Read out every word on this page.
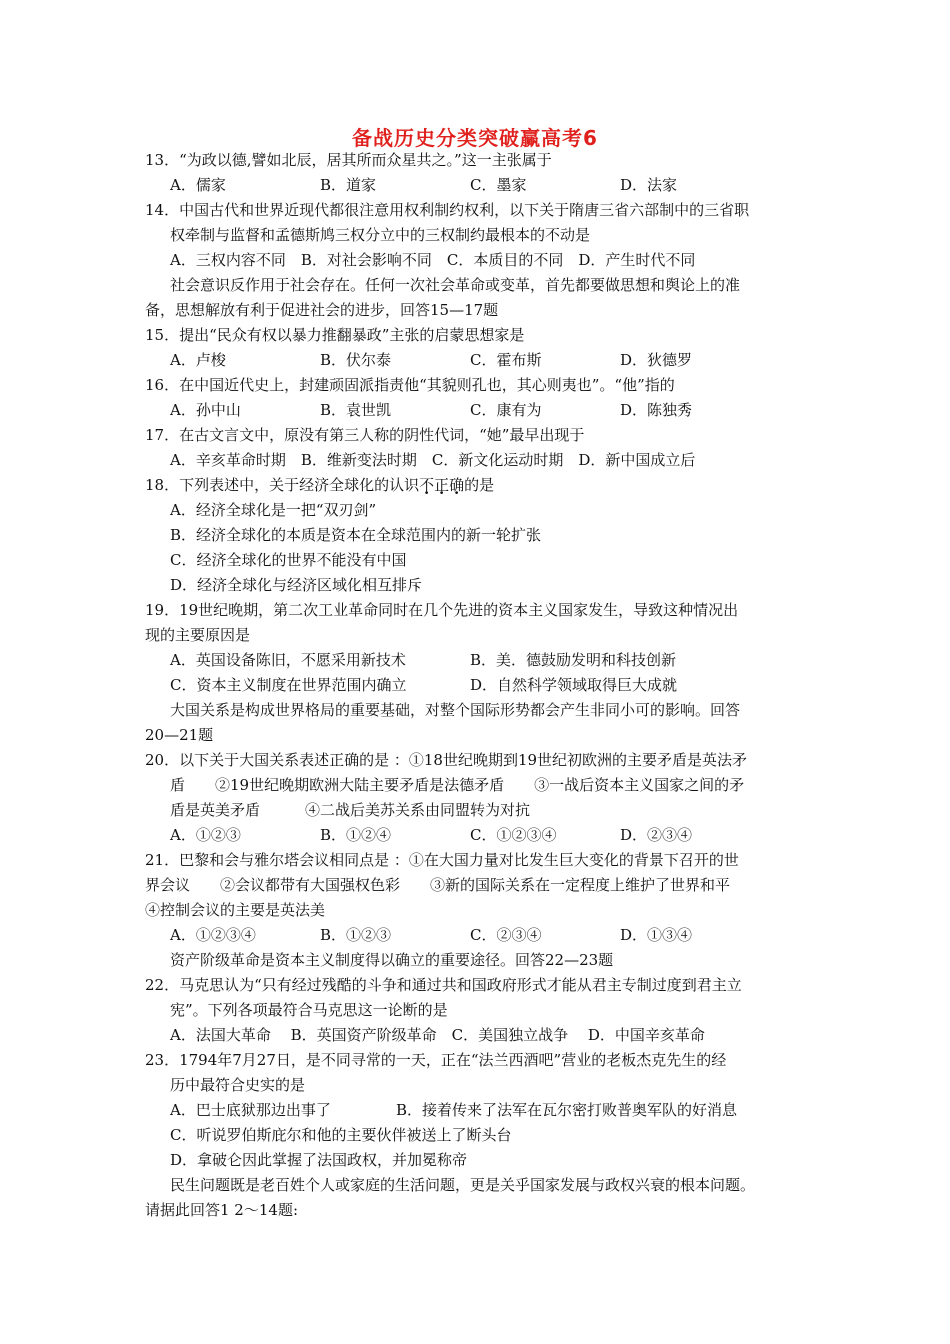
备战历史分类突破赢高考6
13．“为政以德,譬如北辰，居其所而众星共之。”这一主张属于
A．儒家	B．道家	C．墨家	D．法家
14．中国古代和世界近现代都很注意用权利制约权利，以下关于隋唐三省六部制中的三省职
权牵制与监督和孟德斯鸠三权分立中的三权制约最根本的不动是
A．三权内容不同　B．对社会影响不同　C．本质目的不同　D．产生时代不同
社会意识反作用于社会存在。任何一次社会革命或变革，首先都要做思想和舆论上的准
备，思想解放有利于促进社会的进步，回答15—17题
15．提出“民众有权以暴力推翻暴政”主张的启蒙思想家是
A．卢梭	B．伏尔泰	C．霍布斯	D．狄德罗
16．在中国近代史上，封建顽固派指责他“其貌则孔也，其心则夷也”。“他”指的
A．孙中山	B．袁世凯	C．康有为	D．陈独秀
17．在古文言文中，原没有第三人称的阴性代词，“她”最早出现于
A．辛亥革命时期　B．维新变法时期　C．新文化运动时期　D．新中国成立后
18．下列表述中，关于经济全球化的认识不正确的是
A．经济全球化是一把“双刃剑”
B．经济全球化的本质是资本在全球范围内的新一轮扩张
C．经济全球化的世界不能没有中国
D．经济全球化与经济区域化相互排斥
19．19世纪晚期，第二次工业革命同时在几个先进的资本主义国家发生，导致这种情况出
现的主要原因是
A．英国设备陈旧，不愿采用新技术	B．美．德鼓励发明和科技创新
C．资本主义制度在世界范围内确立	D．自然科学领域取得巨大成就
大国关系是构成世界格局的重要基础，对整个国际形势都会产生非同小可的影响。回答
20—21题
20．以下关于大国关系表述正确的是 ：①18世纪晚期到19世纪初欧洲的主要矛盾是英法矛
盾　　②19世纪晚期欧洲大陆主要矛盾是法德矛盾　　③一战后资本主义国家之间的矛
盾是英美矛盾　　　④二战后美苏关系由同盟转为对抗
A．①②③	B．①②④	C．①②③④	D．②③④
21．巴黎和会与雅尔塔会议相同点是 ：①在大国力量对比发生巨大变化的背景下召开的世
界会议　　②会议都带有大国强权色彩　　③新的国际关系在一定程度上维护了世界和平
④控制会议的主要是英法美
A．①②③④	B．①②③	C．②③④	D．①③④
资产阶级革命是资本主义制度得以确立的重要途径。回答22—23题
22．马克思认为“只有经过残酷的斗争和通过共和国政府形式才能从君主专制过度到君主立
宪”。下列各项最符合马克思这一论断的是
A．法国大革命　 B．英国资产阶级革命　C．美国独立战争　 D．中国辛亥革命
23．1794年7月27日，是不同寻常的一天，正在“法兰西酒吧”营业的老板杰克先生的经
历中最符合史实的是
A．巴士底狱那边出事了	B．接着传来了法军在瓦尔密打败普奥军队的好消息
C．听说罗伯斯庇尔和他的主要伙伴被送上了断头台
D．拿破仑因此掌握了法国政权，并加冕称帝
民生问题既是老百姓个人或家庭的生活问题，更是关乎国家发展与政权兴衰的根本问题。
请据此回答1 2～14题:
